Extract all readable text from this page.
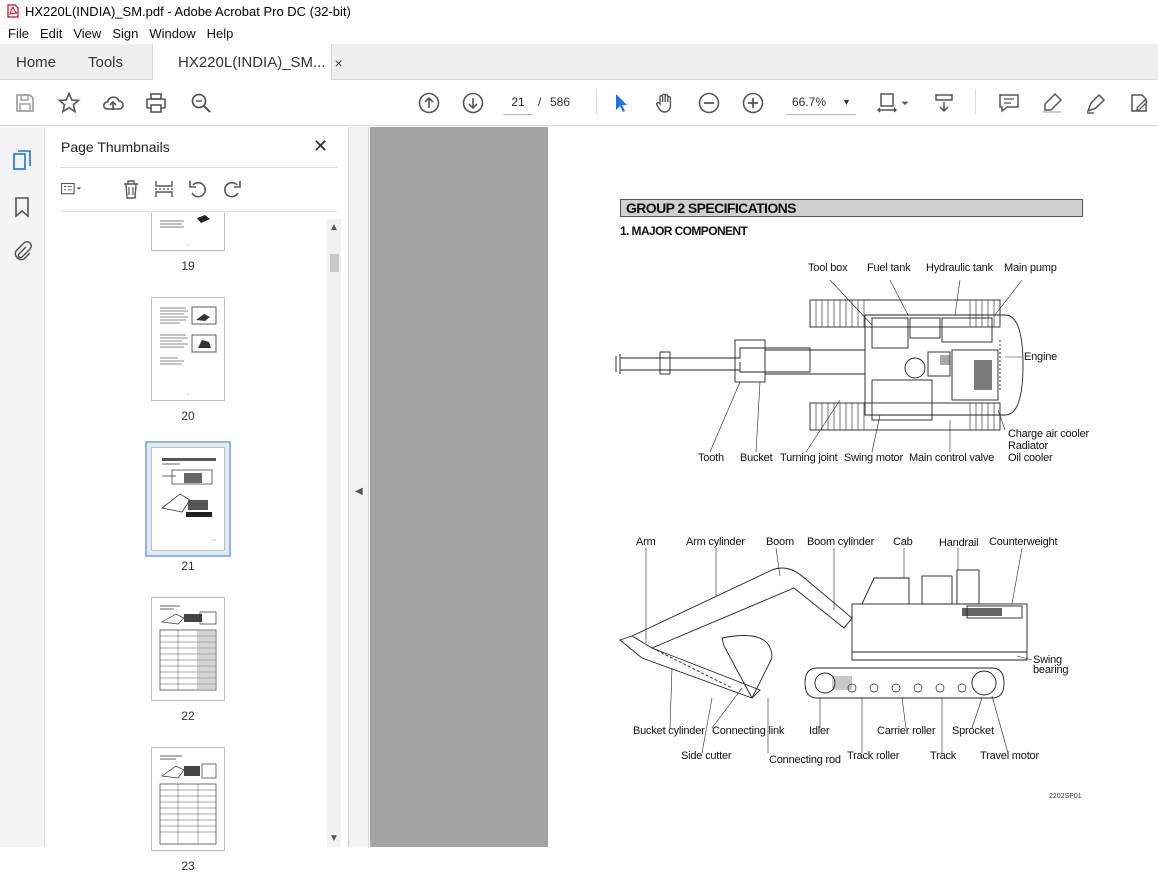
HX220L(INDIA)_SM.pdf - Adobe Acrobat Pro DC (32-bit)
File Edit View Sign Window Help
Home Tools	HX220L(INDIA)_SM... ×
21
/ 586	66.7% ▼
Page Thumbnails	✕
19
20
21
22
23
▲
▼
◀
GROUP 2 SPECIFICATIONS
1. MAJOR COMPONENT
Tool box Fuel tank Hydraulic tank Main pump
Engine
Charge air cooler
Radiator
Oil cooler
Tooth Bucket Turning joint Swing motor Main control valve
Arm	Arm cylinder Boom Boom cylinder Cab Handrail Counterweight
Swing
bearing
Bucket cylinder Connecting link Idler	Carrier roller Sprocket
Side cutter	Connecting rod Track roller	Track Travel motor
2202SP01
